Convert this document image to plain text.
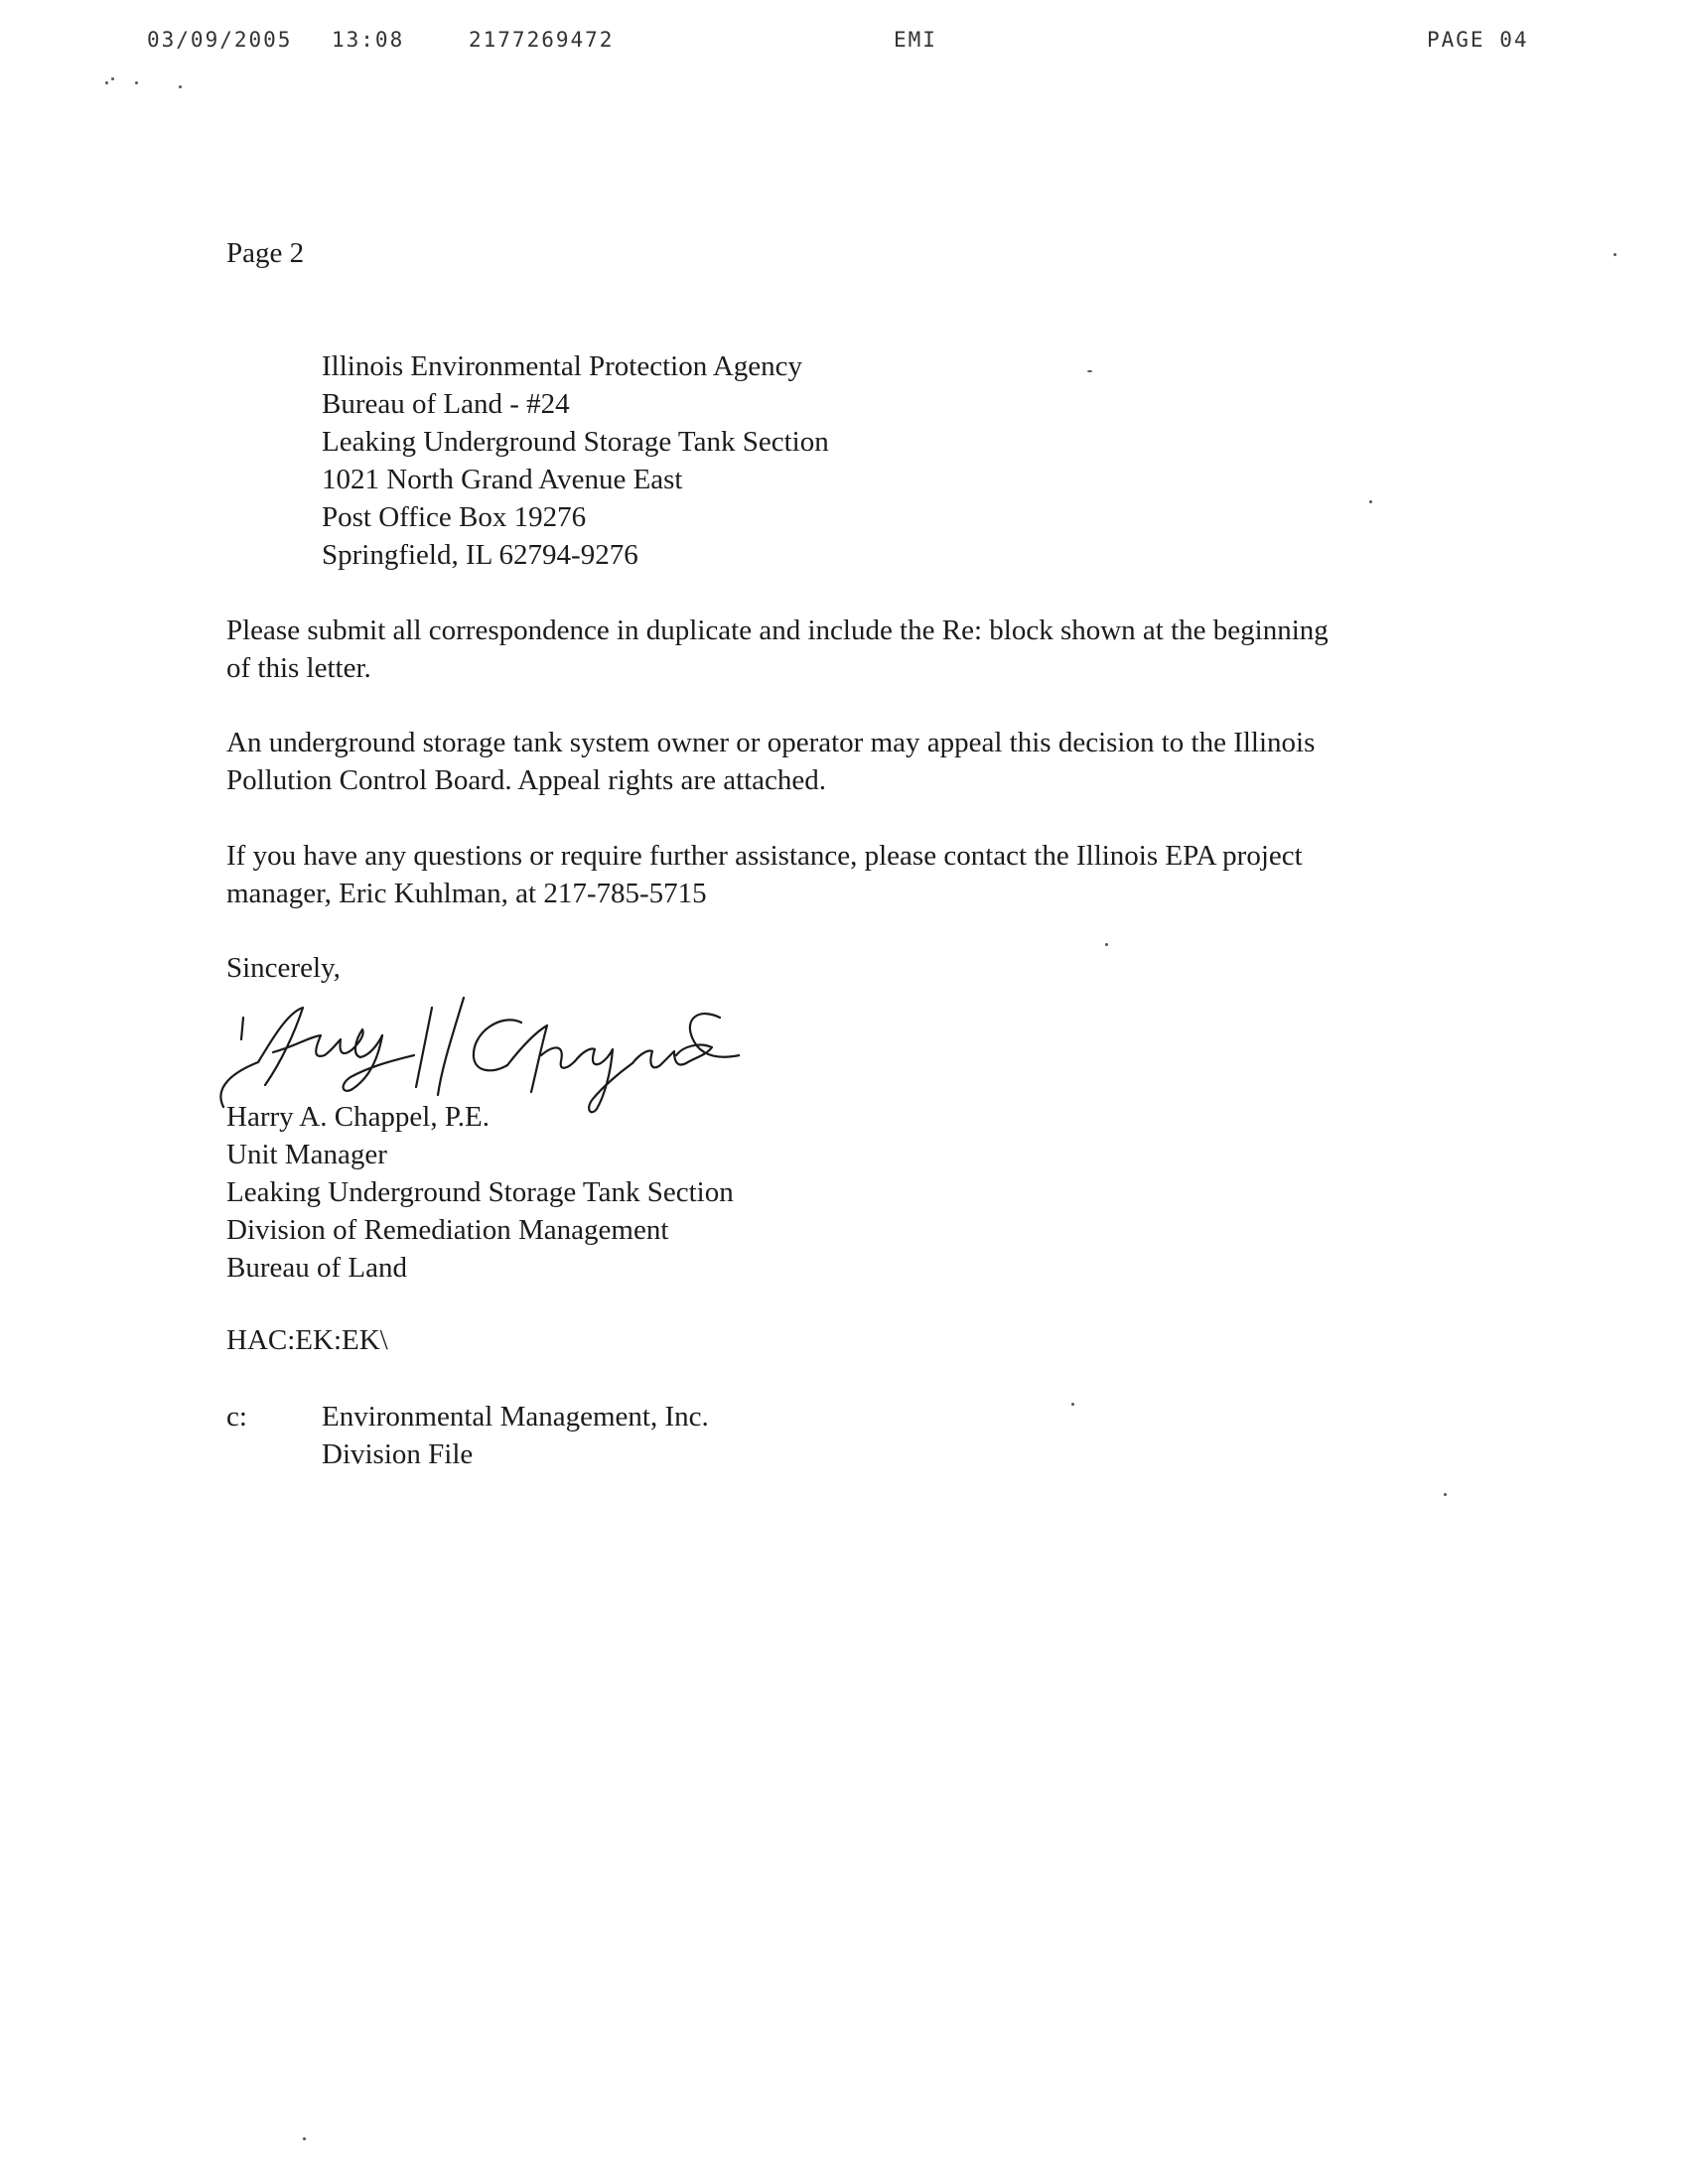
03/09/2005 13:08	2177269472	EMI	PAGE 04
Page 2
Illinois Environmental Protection Agency
Bureau of Land - #24
Leaking Underground Storage Tank Section
1021 North Grand Avenue East
Post Office Box 19276
Springfield, IL 62794-9276
Please submit all correspondence in duplicate and include the Re: block shown at the beginning
of this letter.
An underground storage tank system owner or operator may appeal this decision to the Illinois
Pollution Control Board. Appeal rights are attached.
If you have any questions or require further assistance, please contact the Illinois EPA project
manager, Eric Kuhlman, at 217-785-5715
Sincerely,
Harry A. Chappel, P.E.
Unit Manager
Leaking Underground Storage Tank Section
Division of Remediation Management
Bureau of Land
HAC:EK:EK\
c:	Environmental Management, Inc.
Division File
